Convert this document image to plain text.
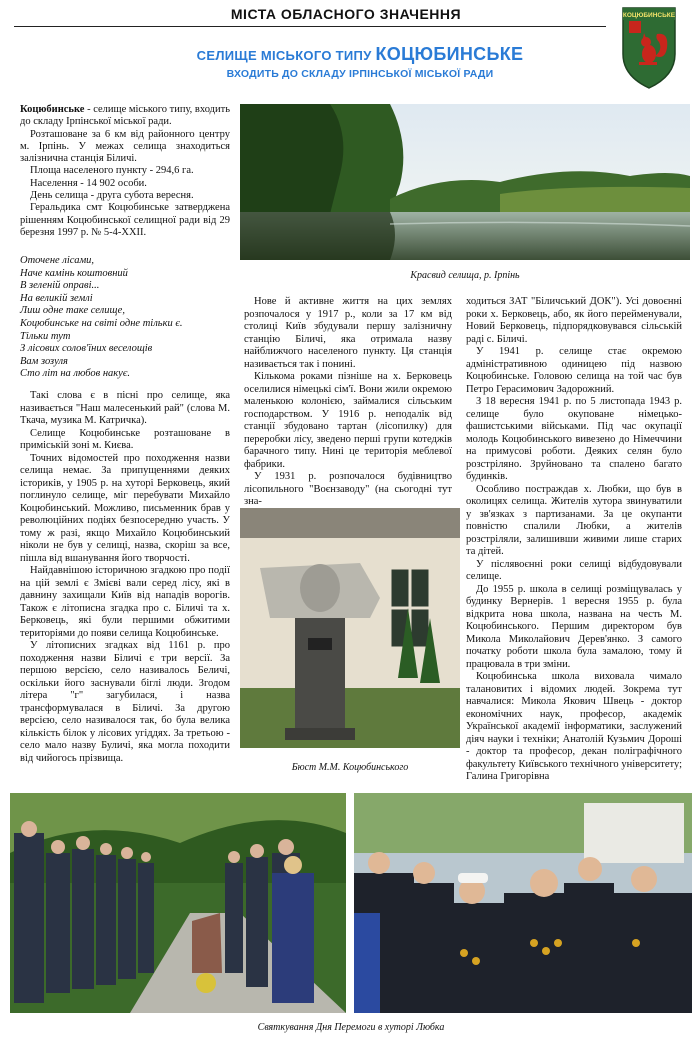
МІСТА ОБЛАСНОГО ЗНАЧЕННЯ	КОЦЮБИНСЬКЕ
СЕЛИЩЕ МІСЬКОГО ТИПУ КОЦЮБИНСЬКЕ
ВХОДИТЬ ДО СКЛАДУ ІРПІНСЬКОЇ МІСЬКОЇ РАДИ

Коцюбинське - селище міського типу, входить до складу Ірпінської міської ради.

Розташоване за 6 км від районного центру м. Ірпінь. У межах селища знаходиться залізнична станція Біличі.

Площа населеного пункту - 294,6 га.

Населення - 14 902 особи.

День селища - друга субота вересня.

Геральдика смт Коцюбинське затверджена рішенням Коцюбинської селищної ради від 29 березня 1997 р. № 5-4-XXII.

Оточене лісами,
Наче камінь коштовний
В зеленій оправі...
На великій землі
Лиш одне таке селище,
Коцюбинське на світі одне тільки є.
Тільки тут
З лісових солов'їних веселощів
Вам зозуля
Сто літ на любов накує.

Такі слова є в пісні про селище, яка називається "Наш малесенький рай" (слова М. Ткача, музика М. Катричка).

Селище Коцюбинське розташоване в приміській зоні м. Києва.

Точних відомостей про походження назви селища немає. За припущеннями деяких істориків, у 1905 р. на хуторі Берковець, який поглинуло селище, міг перебувати Михайло Коцюбинський. Можливо, письменник брав у революційних подіях безпосередню участь. У тому ж разі, якщо Михайло Коцюбинський ніколи не був у селищі, назва, скоріш за все, пішла від вшанування його творчості.

Найдавнішою історичною згадкою про події на цій землі є Змієві вали серед лісу, які в давнину захищали Київ від нападів ворогів. Також є літописна згадка про с. Біличі та х. Берковець, які були першими обжитими територіями до появи селища Коцюбинське.

У літописних згадках від 1161 р. про походження назви Біличі є три версії. За першою версією, село називалось Беличі, оскільки його заснували біглі люди. Згодом літера "г" загубилася, і назва трансформувалася в Біличі. За другою версією, село називалося так, бо була велика кількість білок у лісових угіддях. За третьою - село мало назву Буличі, яка могла походити від чийогось прізвища.

Красвид селища, р. Ірпінь

Нове й активне життя на цих землях розпочалося у 1917 р., коли за 17 км від столиці Київ збудували першу залізничну станцію Біличі, яка отримала назву найближчого населеного пункту. Ця станція називається так і понині.

Кількома роками пізніше на х. Берковець оселилися німецькі сім'ї. Вони жили окремою маленькою колонією, займалися сільським господарством. У 1916 р. неподалік від станції збудовано тартан (лісопилку) для переробки лісу, зведено перші групи котеджів барачного типу. Нині це територія меблевої фабрики.

У 1931 р. розпочалося будівництво лісопильного "Воєнзаводу" (на сьогодні тут зна-

Бюст М.М. Коцюбинського

ходиться ЗАТ "Біличський ДОК"). Усі довоєнні роки х. Берковець, або, як його перейменували, Новий Берковець, підпорядковувався сільській раді с. Біличі.

У 1941 р. селище стає окремою адміністративною одиницею під назвою Коцюбинське. Головою селища на той час був Петро Герасимович Задорожний.

З 18 вересня 1941 р. по 5 листопада 1943 р. селище було окуповане німецько-фашистськими військами. Під час окупації молодь Коцюбинського вивезено до Німеччини на примусові роботи. Деяких селян було розстріляно. Зруйновано та спалено багато будинків.

Особливо постраждав х. Любки, що був в околицях селища. Жителів хутора звинуватили у зв'язках з партизанами. За це окупанти повністю спалили Любки, а жителів розстріляли, залишивши живими лише старих та дітей.

У післявоєнні роки селищі відбудовували селище.

До 1955 р. школа в селищі розміщувалась у будинку Вернерів. 1 вересня 1955 р. була відкрита нова школа, названа на честь М. Коцюбинського. Першим директором був Микола Миколайович Дерев'янко. З самого початку роботи школа була замалою, тому й працювала в три зміни.

Коцюбинська школа виховала чимало талановитих і відомих людей. Зокрема тут навчалися: Микола Якович Швець - доктор економічних наук, професор, академік Української академії інформатики, заслужений діяч науки і техніки; Анатолій Кузьмич Дороші - доктор та професор, декан поліграфічного факультету Київського технічного університету; Галина Григорівна

Святкування Дня Перемоги в хуторі Любка
